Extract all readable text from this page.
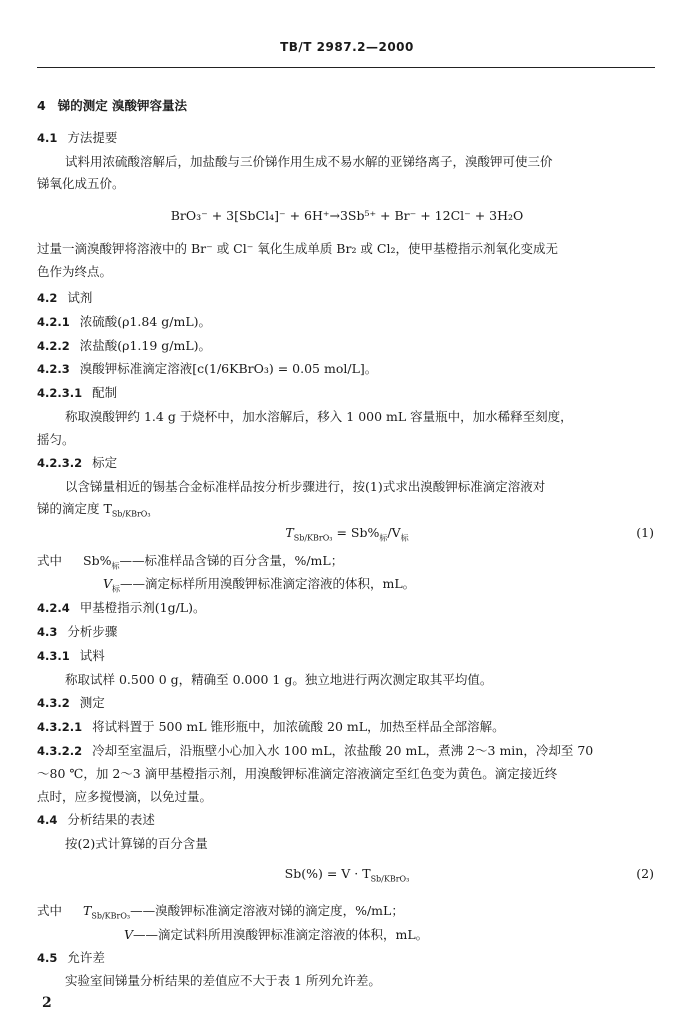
TB/T 2987.2—2000
4 锑的测定 溴酸钾容量法
4.1 方法提要
试料用浓硫酸溶解后，加盐酸与三价锑作用生成不易水解的亚锑络离子，溴酸钾可使三价
锑氧化成五价。
BrO₃⁻ + 3[SbCl₄]⁻ + 6H⁺→3Sb⁵⁺ + Br⁻ + 12Cl⁻ + 3H₂O
过量一滴溴酸钾将溶液中的 Br⁻ 或 Cl⁻ 氧化生成单质 Br₂ 或 Cl₂，使甲基橙指示剂氧化变成无
色作为终点。
4.2 试剂
4.2.1 浓硫酸(ρ1.84 g/mL)。
4.2.2 浓盐酸(ρ1.19 g/mL)。
4.2.3 溴酸钾标准滴定溶液[c(1/6KBrO₃) = 0.05 mol/L]。
4.2.3.1 配制
称取溴酸钾约 1.4 g 于烧杯中，加水溶解后，移入 1 000 mL 容量瓶中，加水稀释至刻度，
摇匀。
4.2.3.2 标定
以含锑量相近的锡基合金标准样品按分析步骤进行，按(1)式求出溴酸钾标准滴定溶液对
锑的滴定度 $T_{Sb/KBrO_3}$
$T_{Sb/KBrO_3} = Sb\%_标/V_标$	(1)
式中 $Sb\%_标——$标准样品含锑的百分含量，%/mL；
$V_标——$滴定标样所用溴酸钾标准滴定溶液的体积，mL。
4.2.4 甲基橙指示剂(1g/L)。
4.3 分析步骤
4.3.1 试料
称取试样 0.500 0 g，精确至 0.000 1 g。独立地进行两次测定取其平均值。
4.3.2 测定
4.3.2.1 将试料置于 500 mL 锥形瓶中，加浓硫酸 20 mL，加热至样品全部溶解。
4.3.2.2 冷却至室温后，沿瓶壁小心加入水 100 mL，浓盐酸 20 mL，煮沸 2～3 min，冷却至 70
～80 ℃，加 2～3 滴甲基橙指示剂，用溴酸钾标准滴定溶液滴定至红色变为黄色。滴定接近终
点时，应多搅慢滴，以免过量。
4.4 分析结果的表述
按(2)式计算锑的百分含量
$Sb(\%) = V \cdot T_{Sb/KBrO_3}$	(2)
式中 $T_{Sb/KBrO_3}——$溴酸钾标准滴定溶液对锑的滴定度，%/mL；
V——滴定试料所用溴酸钾标准滴定溶液的体积，mL。
4.5 允许差
实验室间锑量分析结果的差值应不大于表 1 所列允许差。
2
